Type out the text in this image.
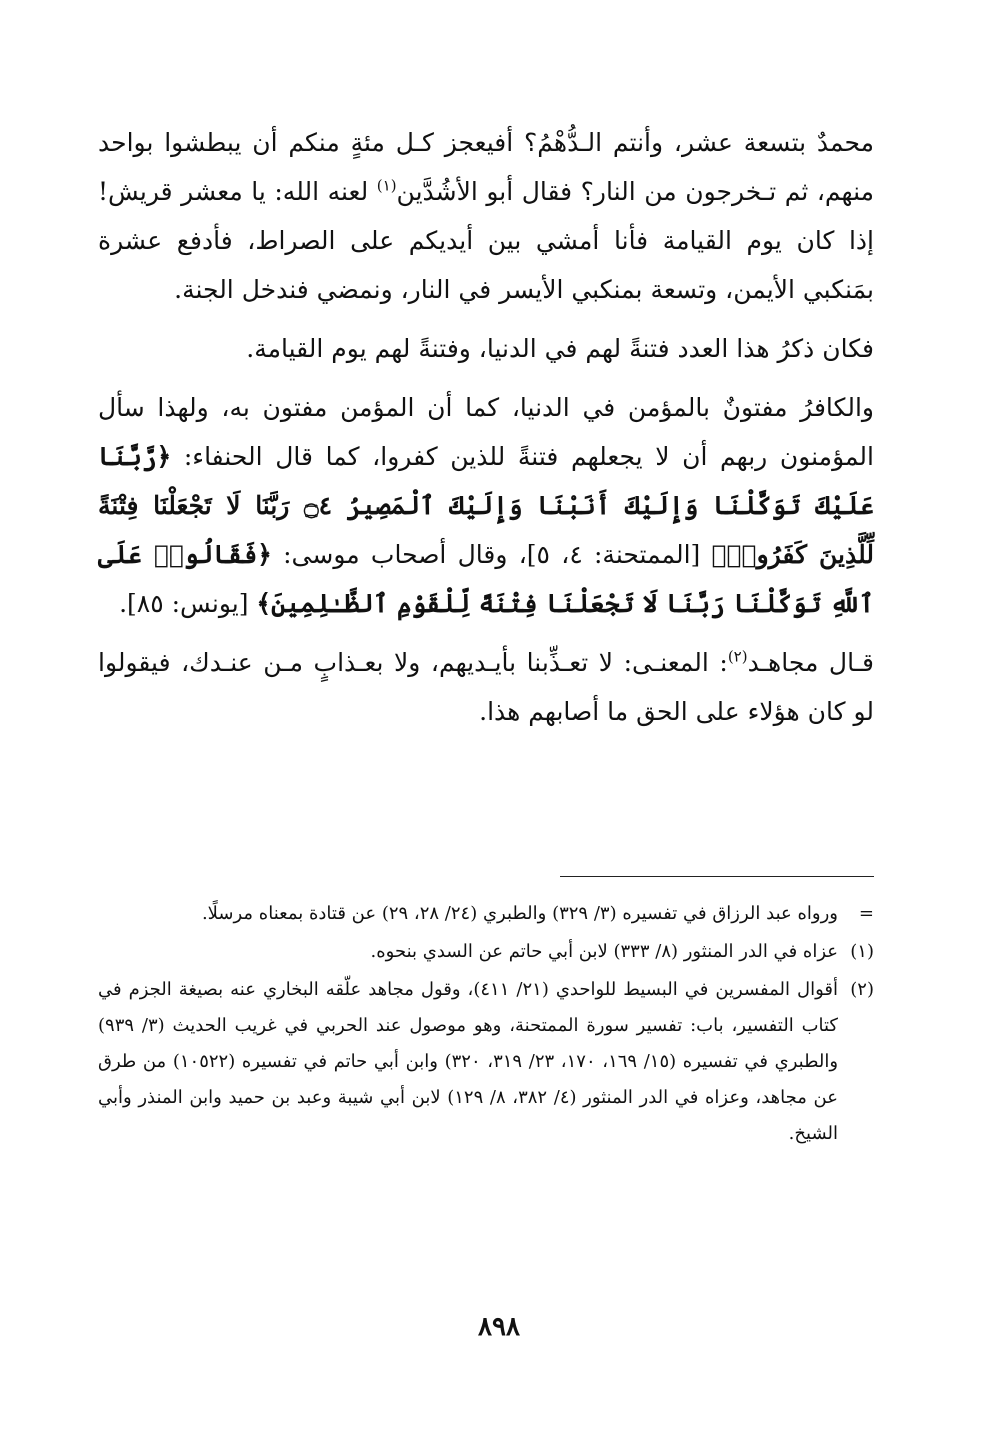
محمدٌ بتسعة عشر، وأنتم الـدُّهْمُ؟ أفيعجز كـل مئةٍ منكم أن يبطشوا بواحد منهم، ثم تـخرجون من النار؟ فقال أبو الأشُدَّين$^{(١)}$ لعنه الله: يا معشر قريش! إذا كان يوم القيامة فأنا أمشي بين أيديكم على الصراط، فأدفع عشرة بمَنكبي الأيمن، وتسعة بمنكبي الأيسر في النار، ونمضي فندخل الجنة.

فكان ذكرُ هذا العدد فتنةً لهم في الدنيا، وفتنةً لهم يوم القيامة.

والكافرُ مفتونٌ بالمؤمن في الدنيا، كما أن المؤمن مفتون به، ولهذا سأل المؤمنون ربهم أن لا يجعلهم فتنةً للذين كفروا، كما قال الحنفاء: ﴿رَّبَّنَا عَلَيْكَ تَوَكَّلْنَا وَإِلَيْكَ أَنَبْنَا وَإِلَيْكَ ٱلْمَصِيرُ ۝٤ رَبَّنَا لَا تَجْعَلْنَا فِتْنَةً لِّلَّذِينَ كَفَرُوا۟﴾ [الممتحنة: ٤، ٥]، وقال أصحاب موسى: ﴿فَقَالُوا۟ عَلَى ٱللَّهِ تَوَكَّلْنَا رَبَّنَا لَا تَجْعَلْنَا فِتْنَةً لِّلْقَوْمِ ٱلظَّـٰلِمِينَ﴾ [يونس: ٨٥].

قـال مجاهـد$^{(٢)}$: المعنـى: لا تعـذِّبنا بأيـديهم، ولا بعـذابٍ مـن عنـدك، فيقولوا لو كان هؤلاء على الحق ما أصابهم هذا.

=
ورواه عبد الرزاق في تفسيره (٣/ ٣٢٩) والطبري (٢٤/ ٢٨، ٢٩) عن قتادة بمعناه مرسلًا.
(١)
عزاه في الدر المنثور (٨/ ٣٣٣) لابن أبي حاتم عن السدي بنحوه.
(٢)
أقوال المفسرين في البسيط للواحدي (٢١/ ٤١١)، وقول مجاهد علّقه البخاري عنه بصيغة الجزم في كتاب التفسير، باب: تفسير سورة الممتحنة، وهو موصول عند الحربي في غريب الحديث (٣/ ٩٣٩) والطبري في تفسيره (١٥/ ١٦٩، ١٧٠، ٢٣/ ٣١٩، ٣٢٠) وابن أبي حاتم في تفسيره (١٠٥٢٢) من طرق عن مجاهد، وعزاه في الدر المنثور (٤/ ٣٨٢، ٨/ ١٢٩) لابن أبي شيبة وعبد بن حميد وابن المنذر وأبي الشيخ.
٨٩٨
